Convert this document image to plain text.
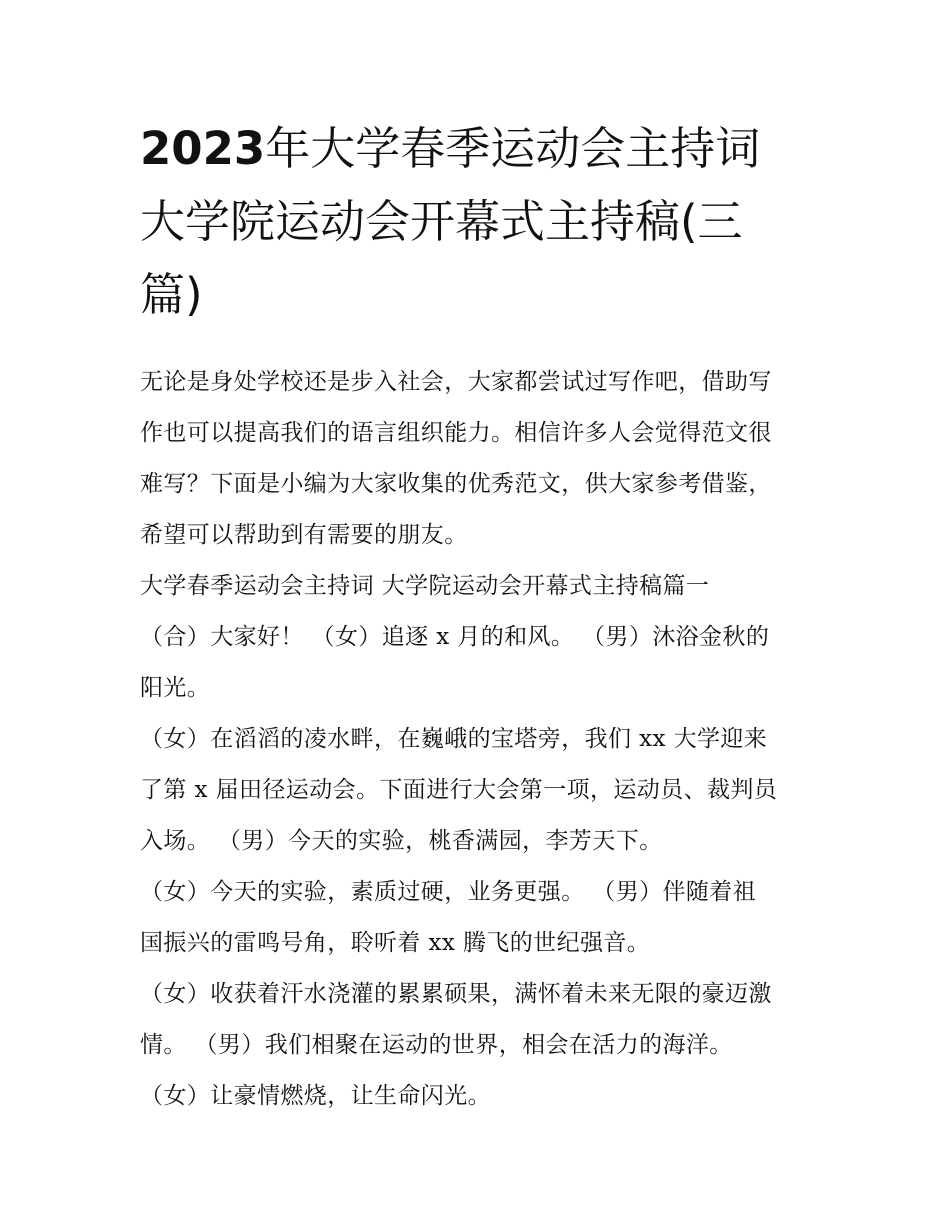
2023年大学春季运动会主持词
大学院运动会开幕式主持稿(三
篇)
无论是身处学校还是步入社会，大家都尝试过写作吧，借助写
作也可以提高我们的语言组织能力。相信许多人会觉得范文很
难写？下面是小编为大家收集的优秀范文，供大家参考借鉴，
希望可以帮助到有需要的朋友。
大学春季运动会主持词 大学院运动会开幕式主持稿篇一
（合）大家好！ （女）追逐 x 月的和风。 （男）沐浴金秋的
阳光。
（女）在滔滔的凌水畔，在巍峨的宝塔旁，我们 xx 大学迎来
了第 x 届田径运动会。下面进行大会第一项，运动员、裁判员
入场。 （男）今天的实验，桃香满园，李芳天下。
（女）今天的实验，素质过硬，业务更强。 （男）伴随着祖
国振兴的雷鸣号角，聆听着 xx 腾飞的世纪强音。
（女）收获着汗水浇灌的累累硕果，满怀着未来无限的豪迈激
情。 （男）我们相聚在运动的世界，相会在活力的海洋。
（女）让豪情燃烧，让生命闪光。
